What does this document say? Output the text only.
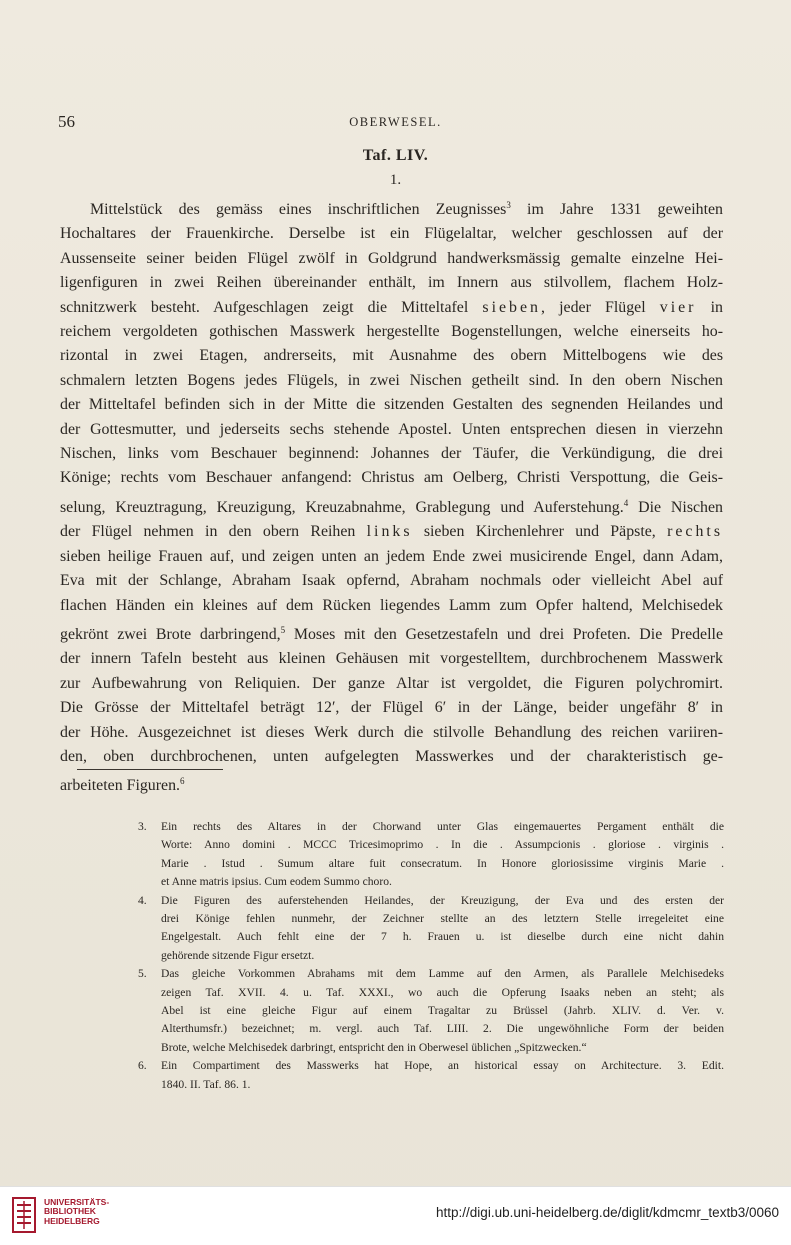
56	OBERWESEL.
Taf. LIV.
1.
Mittelstück des gemäss eines inschriftlichen Zeugnisses$^3$ im Jahre 1331 geweihten
Hochaltares der Frauenkirche. Derselbe ist ein Flügelaltar, welcher geschlossen auf der
Aussenseite seiner beiden Flügel zwölf in Goldgrund handwerksmässig gemalte einzelne Hei-
ligenfiguren in zwei Reihen übereinander enthält, im Innern aus stilvollem, flachem Holz-
schnitzwerk besteht. Aufgeschlagen zeigt die Mitteltafel sieben, jeder Flügel vier in
reichem vergoldeten gothischen Masswerk hergestellte Bogenstellungen, welche einerseits ho-
rizontal in zwei Etagen, andrerseits, mit Ausnahme des obern Mittelbogens wie des
schmalern letzten Bogens jedes Flügels, in zwei Nischen getheilt sind. In den obern Nischen
der Mitteltafel befinden sich in der Mitte die sitzenden Gestalten des segnenden Heilandes und
der Gottesmutter, und jederseits sechs stehende Apostel. Unten entsprechen diesen in vierzehn
Nischen, links vom Beschauer beginnend: Johannes der Täufer, die Verkündigung, die drei
Könige; rechts vom Beschauer anfangend: Christus am Oelberg, Christi Verspottung, die Geis-
selung, Kreuztragung, Kreuzigung, Kreuzabnahme, Grablegung und Auferstehung.$^4$ Die Nischen
der Flügel nehmen in den obern Reihen links sieben Kirchenlehrer und Päpste, rechts
sieben heilige Frauen auf, und zeigen unten an jedem Ende zwei musicirende Engel, dann Adam,
Eva mit der Schlange, Abraham Isaak opfernd, Abraham nochmals oder vielleicht Abel auf
flachen Händen ein kleines auf dem Rücken liegendes Lamm zum Opfer haltend, Melchisedek
gekrönt zwei Brote darbringend,$^5$ Moses mit den Gesetzestafeln und drei Profeten. Die Predelle
der innern Tafeln besteht aus kleinen Gehäusen mit vorgestelltem, durchbrochenem Masswerk
zur Aufbewahrung von Reliquien. Der ganze Altar ist vergoldet, die Figuren polychromirt.
Die Grösse der Mitteltafel beträgt 12′, der Flügel 6′ in der Länge, beider ungefähr 8′ in
der Höhe. Ausgezeichnet ist dieses Werk durch die stilvolle Behandlung des reichen variiren-
den, oben durchbrochenen, unten aufgelegten Masswerkes und der charakteristisch ge-
arbeiteten Figuren.$^6$
3. Ein rechts des Altares in der Chorwand unter Glas eingemauertes Pergament enthält die
Worte: Anno domini . MCCC Tricesimoprimo . In die . Assumpcionis . gloriose . virginis .
Marie . Istud . Sumum altare fuit consecratum. In Honore gloriosissime virginis Marie .
et Anne matris ipsius. Cum eodem Summo choro.
4. Die Figuren des auferstehenden Heilandes, der Kreuzigung, der Eva und des ersten der
drei Könige fehlen nunmehr, der Zeichner stellte an des letztern Stelle irregeleitet eine
Engelgestalt. Auch fehlt eine der 7 h. Frauen u. ist dieselbe durch eine nicht dahin
gehörende sitzende Figur ersetzt.
5. Das gleiche Vorkommen Abrahams mit dem Lamme auf den Armen, als Parallele Melchisedeks
zeigen Taf. XVII. 4. u. Taf. XXXI., wo auch die Opferung Isaaks neben an steht; als
Abel ist eine gleiche Figur auf einem Tragaltar zu Brüssel (Jahrb. XLIV. d. Ver. v.
Alterthumsfr.) bezeichnet; m. vergl. auch Taf. LIII. 2. Die ungewöhnliche Form der beiden
Brote, welche Melchisedek darbringt, entspricht den in Oberwesel üblichen „Spitzwecken.“
6. Ein Compartiment des Masswerks hat Hope, an historical essay on Architecture. 3. Edit.
1840. II. Taf. 86. 1.
UNIVERSITÄTS-
BIBLIOTHEK
HEIDELBERG
http://digi.ub.uni-heidelberg.de/diglit/kdmcmr_textb3/0060
